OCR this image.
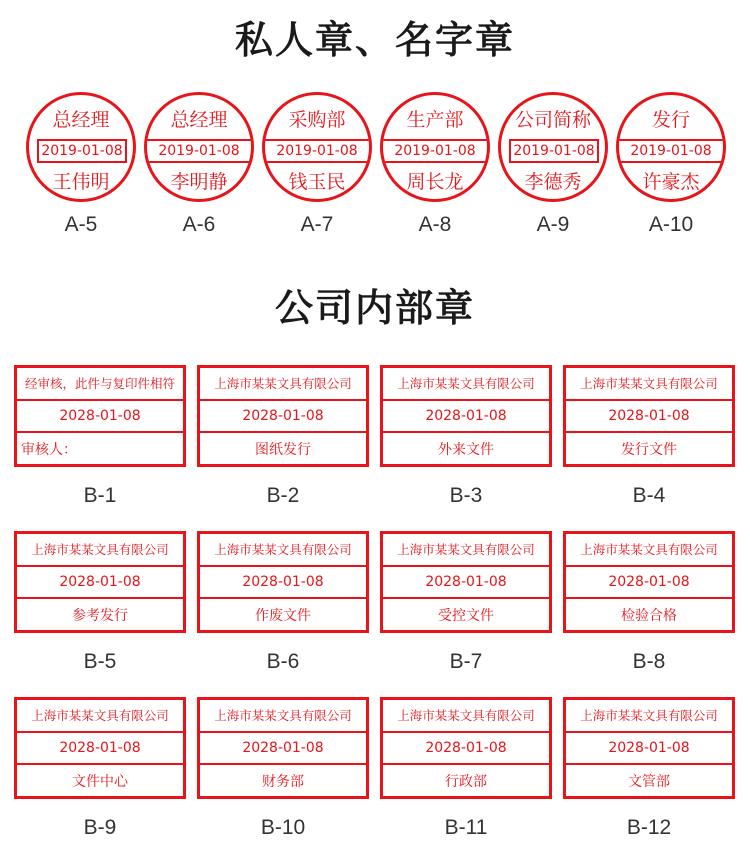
私人章、名字章
总经理
2019-01-08
王伟明
A-5
总经理
2019-01-08
李明静
A-6
采购部
2019-01-08
钱玉民
A-7
生产部
2019-01-08
周长龙
A-8
公司简称
2019-01-08
李德秀
A-9
发行
2019-01-08
许豪杰
A-10
公司内部章
经审核，此件与复印件相符
2028-01-08
审核人：
B-1
上海市某某文具有限公司
2028-01-08
图纸发行
B-2
上海市某某文具有限公司
2028-01-08
外来文件
B-3
上海市某某文具有限公司
2028-01-08
发行文件
B-4
上海市某某文具有限公司
2028-01-08
参考发行
B-5
上海市某某文具有限公司
2028-01-08
作废文件
B-6
上海市某某文具有限公司
2028-01-08
受控文件
B-7
上海市某某文具有限公司
2028-01-08
检验合格
B-8
上海市某某文具有限公司
2028-01-08
文件中心
B-9
上海市某某文具有限公司
2028-01-08
财务部
B-10
上海市某某文具有限公司
2028-01-08
行政部
B-11
上海市某某文具有限公司
2028-01-08
文管部
B-12
